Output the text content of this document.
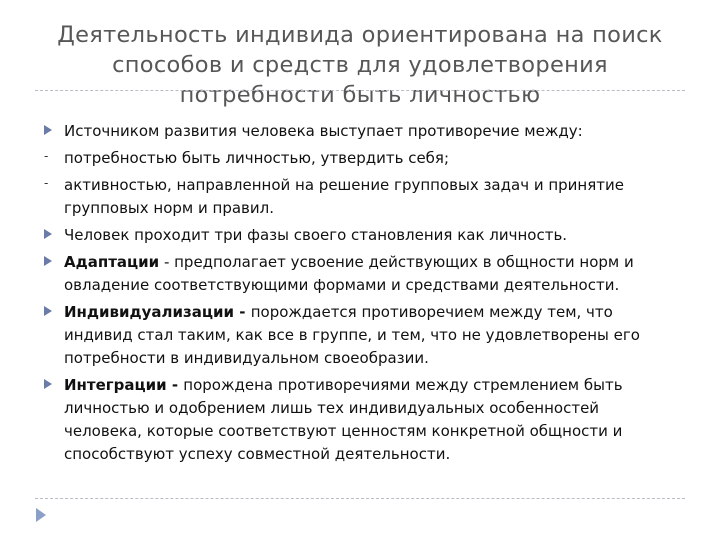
Деятельность индивида ориентирована на поиск
способов и средств для удовлетворения
потребности быть личностью
Источником развития человека выступает противоречие между:
- потребностью быть личностью, утвердить себя;
- активностью, направленной на решение групповых задач и принятие групповых норм и правил.
Человек проходит три фазы своего становления как личность.
Адаптации - предполагает усвоение действующих в общности норм и овладение соответствующими формами и средствами деятельности.
Индивидуализации - порождается противоречием между тем, что индивид стал таким, как все в группе, и тем, что не удовлетворены его потребности в индивидуальном своеобразии.
Интеграции - порождена противоречиями между стремлением быть личностью и одобрением лишь тех индивидуальных особенностей человека, которые соответствуют ценностям конкретной общности и способствуют успеху совместной деятельности.
